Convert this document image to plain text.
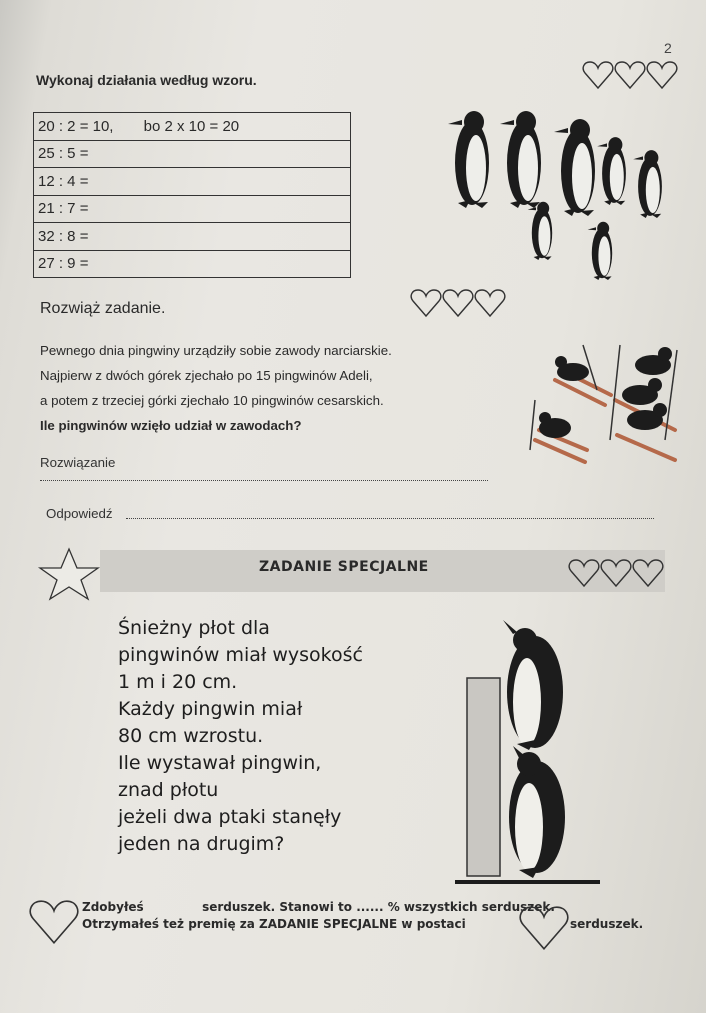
2
Wykonaj działania według wzoru.
20 : 2 = 10, bo 2 x 10 = 20
25 : 5 =
12 : 4 =
21 : 7 =
32 : 8 =
27 : 9 =
Rozwiąż zadanie.
Pewnego dnia pingwiny urządziły sobie zawody narciarskie.
Najpierw z dwóch górek zjechało po 15 pingwinów Adeli,
a potem z trzeciej górki zjechało 10 pingwinów cesarskich.
Ile pingwinów wzięło udział w zawodach?
Rozwiązanie
Odpowiedź
ZADANIE SPECJALNE
Śnieżny płot dla
pingwinów miał wysokość
1 m i 20 cm.
Każdy pingwin miał
80 cm wzrostu.
Ile wystawał pingwin,
znad płotu
jeżeli dwa ptaki stanęły
jeden na drugim?
Zdobyłeś	serduszek. Stanowi to ...... % wszystkich serduszek.
Otrzymałeś też premię za ZADANIE SPECJALNE w postaci	serduszek.
